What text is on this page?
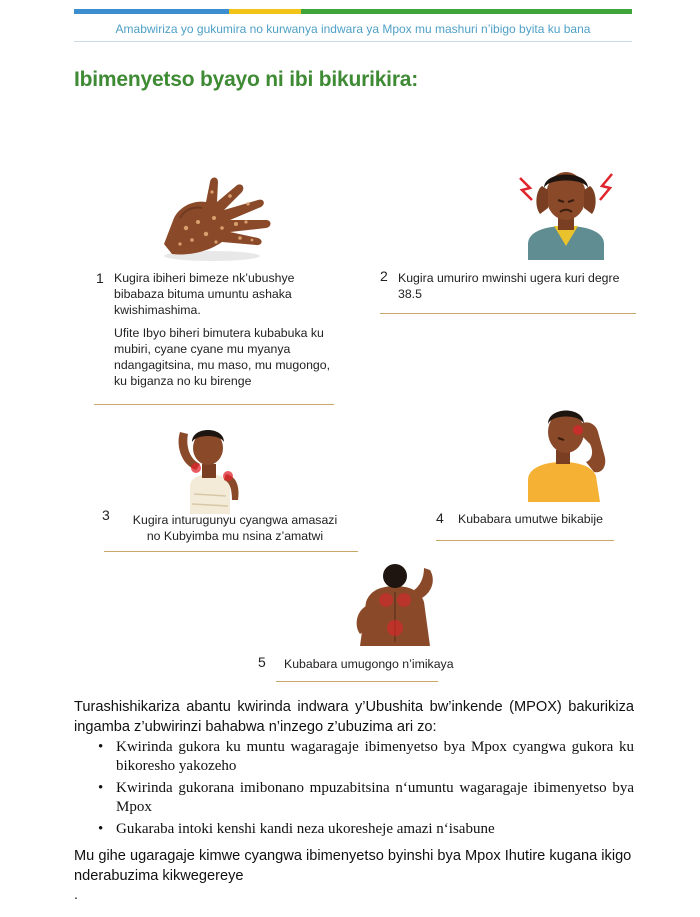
Amabwiriza yo gukumira no kurwanya indwara ya Mpox mu mashuri n’ibigo byita ku bana
Ibimenyetso byayo ni ibi bikurikira:
1 Kugira ibiheri bimeze nk’ubushye
bibabaza bituma umuntu ashaka
kwishimashima.
Ufite Ibyo biheri bimutera kubabuka ku
mubiri, cyane cyane mu myanya
ndangagitsina, mu maso, mu mugongo,
ku biganza no ku birenge
2 Kugira umuriro mwinshi ugera kuri degre
38.5
3	Kugira inturugunyu cyangwa amasazi
no Kubyimba mu nsina z’amatwi
4 Kubabara umutwe bikabije
5 Kubabara umugongo n’imikaya
Turashishikariza abantu kwirinda indwara y’Ubushita bw’inkende (MPOX) bakurikiza ingamba z’ubwirinzi bahabwa n’inzego z’ubuzima ari zo:
• Kwirinda gukora ku muntu wagaragaje ibimenyetso bya Mpox cyangwa gukora ku bikoresho yakozeho
• Kwirinda gukorana imibonano mpuzabitsina n‘umuntu wagaragaje ibimenyetso bya Mpox
• Gukaraba intoki kenshi kandi neza ukoresheje amazi n‘isabune
Mu gihe ugaragaje kimwe cyangwa ibimenyetso byinshi bya Mpox Ihutire kugana ikigo nderabuzima kikwegereye
.
